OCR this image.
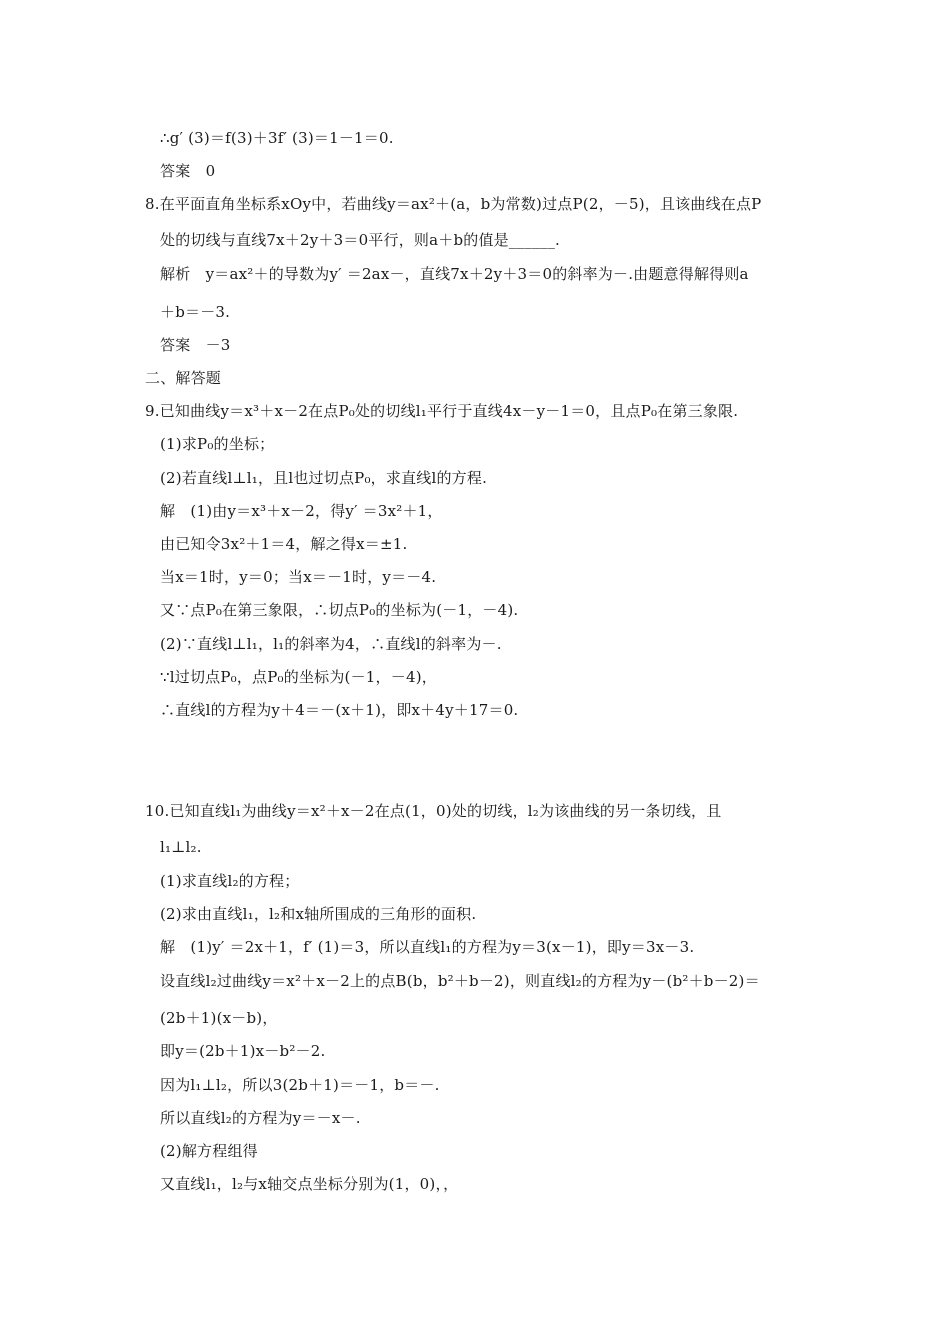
∴g′ (3)＝f(3)＋3f′ (3)＝1－1＝0.
答案　0
8.在平面直角坐标系xOy中，若曲线y＝ax²＋(a，b为常数)过点P(2，－5)，且该曲线在点P
处的切线与直线7x＋2y＋3＝0平行，则a＋b的值是______.
解析　y＝ax²＋的导数为y′ ＝2ax－，直线7x＋2y＋3＝0的斜率为－.由题意得解得则a
＋b＝－3.
答案　－3
二、解答题
9.已知曲线y＝x³＋x－2在点P₀处的切线l₁平行于直线4x－y－1＝0，且点P₀在第三象限.
(1)求P₀的坐标；
(2)若直线l⊥l₁，且l也过切点P₀，求直线l的方程.
解　(1)由y＝x³＋x－2，得y′ ＝3x²＋1，
由已知令3x²＋1＝4，解之得x＝±1.
当x＝1时，y＝0；当x＝－1时，y＝－4.
又∵点P₀在第三象限，∴切点P₀的坐标为(－1，－4).
(2)∵直线l⊥l₁，l₁的斜率为4，∴直线l的斜率为－.
∵l过切点P₀，点P₀的坐标为(－1，－4)，
∴直线l的方程为y＋4＝－(x＋1)，即x＋4y＋17＝0.
10.已知直线l₁为曲线y＝x²＋x－2在点(1，0)处的切线，l₂为该曲线的另一条切线，且
l₁⊥l₂.
(1)求直线l₂的方程；
(2)求由直线l₁，l₂和x轴所围成的三角形的面积.
解　(1)y′ ＝2x＋1，f′ (1)＝3，所以直线l₁的方程为y＝3(x－1)，即y＝3x－3.
设直线l₂过曲线y＝x²＋x－2上的点B(b，b²＋b－2)，则直线l₂的方程为y－(b²＋b－2)＝
(2b＋1)(x－b)，
即y＝(2b＋1)x－b²－2.
因为l₁⊥l₂，所以3(2b＋1)＝－1，b＝－.
所以直线l₂的方程为y＝－x－.
(2)解方程组得
又直线l₁，l₂与x轴交点坐标分别为(1，0)，，
